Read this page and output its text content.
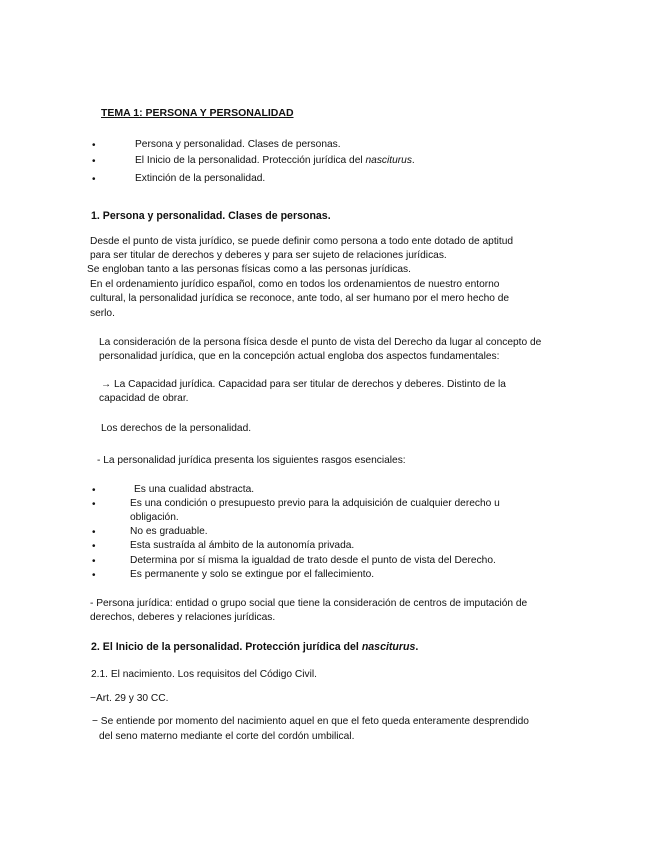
TEMA 1: PERSONA Y PERSONALIDAD
•	Persona y personalidad. Clases de personas.
•	El Inicio de la personalidad. Protección jurídica del nasciturus.
•	Extinción de la personalidad.
1. Persona y personalidad. Clases de personas.
Desde el punto de vista jurídico, se puede definir como persona a todo ente dotado de aptitud
para ser titular de derechos y deberes y para ser sujeto de relaciones jurídicas.
Se engloban tanto a las personas físicas como a las personas jurídicas.
En el ordenamiento jurídico español, como en todos los ordenamientos de nuestro entorno
cultural, la personalidad jurídica se reconoce, ante todo, al ser humano por el mero hecho de
serlo.
La consideración de la persona física desde el punto de vista del Derecho da lugar al concepto de
personalidad jurídica, que en la concepción actual engloba dos aspectos fundamentales:
→ La Capacidad jurídica. Capacidad para ser titular de derechos y deberes. Distinto de la
capacidad de obrar.
Los derechos de la personalidad.
- La personalidad jurídica presenta los siguientes rasgos esenciales:
•	Es una cualidad abstracta.
•	Es una condición o presupuesto previo para la adquisición de cualquier derecho u
obligación.
•	No es graduable.
•	Esta sustraída al ámbito de la autonomía privada.
•	Determina por sí misma la igualdad de trato desde el punto de vista del Derecho.
•	Es permanente y solo se extingue por el fallecimiento.
- Persona jurídica: entidad o grupo social que tiene la consideración de centros de imputación de
derechos, deberes y relaciones jurídicas.
2. El Inicio de la personalidad. Protección jurídica del nasciturus.
2.1. El nacimiento. Los requisitos del Código Civil.
−Art. 29 y 30 CC.
− Se entiende por momento del nacimiento aquel en que el feto queda enteramente desprendido
del seno materno mediante el corte del cordón umbilical.
